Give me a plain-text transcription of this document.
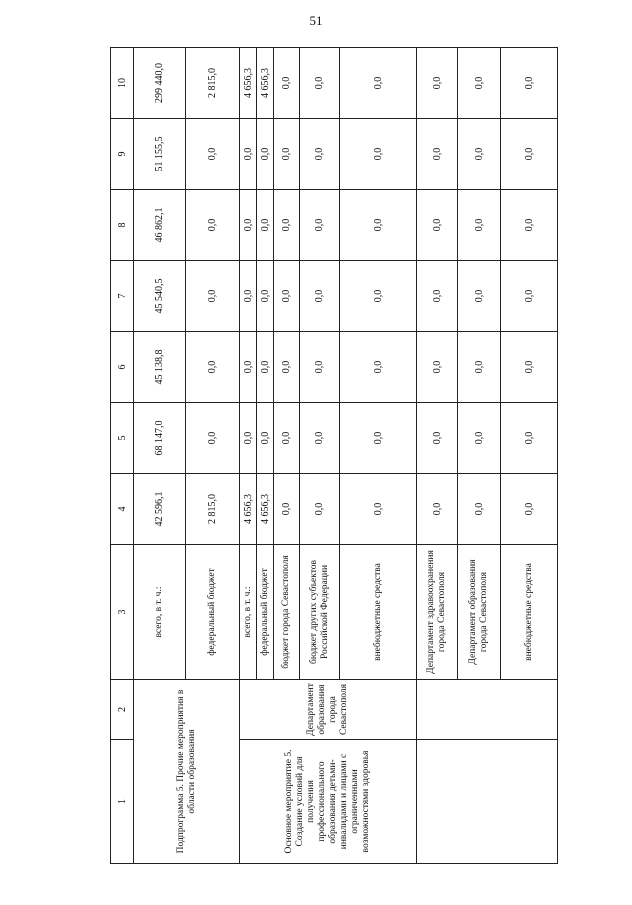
51
1	2	3	4	5	6	7	8	9	10
Подпрограмма 5. Прочие мероприятия в области образования		всего, в т. ч.:	42 596,1	68 147,0	45 138,8	45 540,5	46 862,1	51 155,5	299 440,0
		федеральный бюджет	2 815,0	0,0	0,0	0,0	0,0	0,0	2 815,0
Основное мероприятие 5. Создание условий для получения профессионального образования детьми-инвалидами и лицами с ограниченными возможностями здоровья	Департамент образования города Севастополя	всего, в т. ч.:	4 656,3	0,0	0,0	0,0	0,0	0,0	4 656,3
		федеральный бюджет	4 656,3	0,0	0,0	0,0	0,0	0,0	4 656,3
		бюджет города Севастополя	0,0	0,0	0,0	0,0	0,0	0,0	0,0
		бюджет других субъектов Российской Федерации	0,0	0,0	0,0	0,0	0,0	0,0	0,0
		внебюджетные средства	0,0	0,0	0,0	0,0	0,0	0,0	0,0
		Департамент здравоохранения города Севастополя	0,0	0,0	0,0	0,0	0,0	0,0	0,0
		Департамент образования города Севастополя	0,0	0,0	0,0	0,0	0,0	0,0	0,0
		внебюджетные средства	0,0	0,0	0,0	0,0	0,0	0,0	0,0
